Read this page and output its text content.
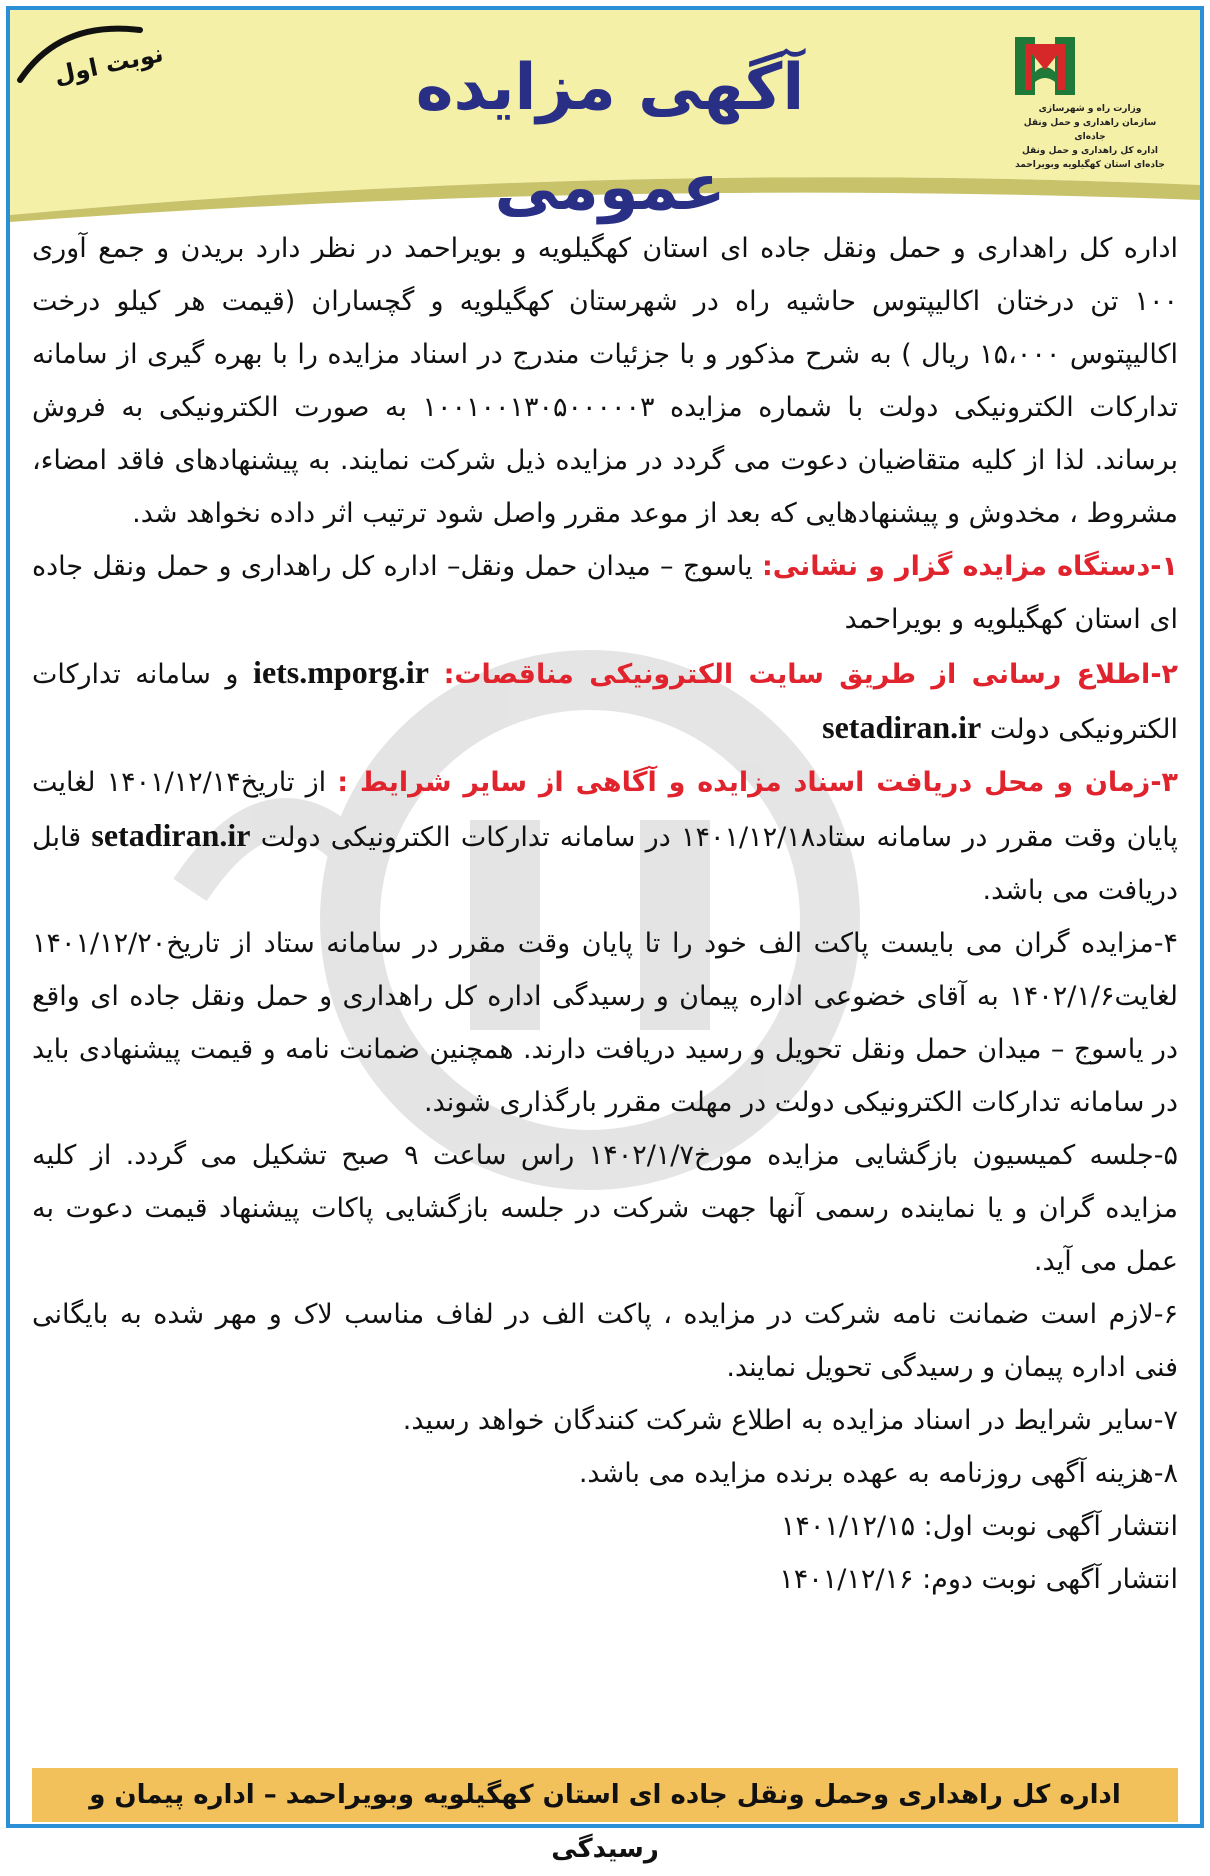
آگهی مزایده عمومی
نوبت اول
وزارت راه و شهرسازی
سازمان راهداری و حمل ونقل جاده‌ای
اداره کل راهداری و حمل ونقل
جاده‌ای استان کهگیلویه وبویراحمد

اداره کل راهداری و حمل ونقل جاده ای استان کهگیلویه و بویراحمد در نظر دارد بریدن و جمع آوری ۱۰۰ تن درختان اکالیپتوس حاشیه راه در شهرستان کهگیلویه و گچساران (قیمت هر کیلو درخت اکالیپتوس ۱۵،۰۰۰ ریال ) به شرح مذکور و با جزئیات مندرج در اسناد مزایده را با بهره گیری از سامانه تدارکات الکترونیکی دولت با شماره مزایده ۱۰۰۱۰۰۱۳۰۵۰۰۰۰۰۳ به صورت الکترونیکی به فروش برساند. لذا از کلیه متقاضیان دعوت می گردد در مزایده ذیل شرکت نمایند. به پیشنهادهای فاقد امضاء، مشروط ، مخدوش و پیشنهادهایی که بعد از موعد مقرر واصل شود ترتیب اثر داده نخواهد شد.

۱-دستگاه مزایده گزار و نشانی: یاسوج – میدان حمل ونقل– اداره کل راهداری و حمل ونقل جاده ای استان کهگیلویه و بویراحمد

۲-اطلاع رسانی از طریق سایت الکترونیکی مناقصات: iets.mporg.ir و سامانه تدارکات الکترونیکی دولت setadiran.ir

۳-زمان و محل دریافت اسناد مزایده و آگاهی از سایر شرایط : از تاریخ۱۴۰۱/۱۲/۱۴ لغایت پایان وقت مقرر در سامانه ستاد۱۴۰۱/۱۲/۱۸ در سامانه تدارکات الکترونیکی دولت setadiran.ir قابل دریافت می باشد.

۴-مزایده گران می بایست پاکت الف خود را تا پایان وقت مقرر در سامانه ستاد از تاریخ۱۴۰۱/۱۲/۲۰ لغایت۱۴۰۲/۱/۶ به آقای خضوعی اداره پیمان و رسیدگی اداره کل راهداری و حمل ونقل جاده ای واقع در یاسوج – میدان حمل ونقل تحویل و رسید دریافت دارند. همچنین ضمانت نامه و قیمت پیشنهادی باید در سامانه تدارکات الکترونیکی دولت در مهلت مقرر بارگذاری شوند.

۵-جلسه کمیسیون بازگشایی مزایده مورخ۱۴۰۲/۱/۷ راس ساعت ۹ صبح تشکیل می گردد. از کلیه مزایده گران و یا نماینده رسمی آنها جهت شرکت در جلسه بازگشایی پاکات پیشنهاد قیمت دعوت به عمل می آید.

۶-لازم است ضمانت نامه شرکت در مزایده ، پاکت الف در لفاف مناسب لاک و مهر شده به بایگانی فنی اداره پیمان و رسیدگی تحویل نمایند.

۷-سایر شرایط در اسناد مزایده به اطلاع شرکت کنندگان خواهد رسید.

۸-هزینه آگهی روزنامه به عهده برنده مزایده می باشد.

انتشار آگهی نوبت اول: ۱۴۰۱/۱۲/۱۵

انتشار آگهی نوبت دوم: ۱۴۰۱/۱۲/۱۶

اداره کل راهداری وحمل ونقل جاده ای استان کهگیلویه وبویراحمد – اداره پیمان و رسیدگی
